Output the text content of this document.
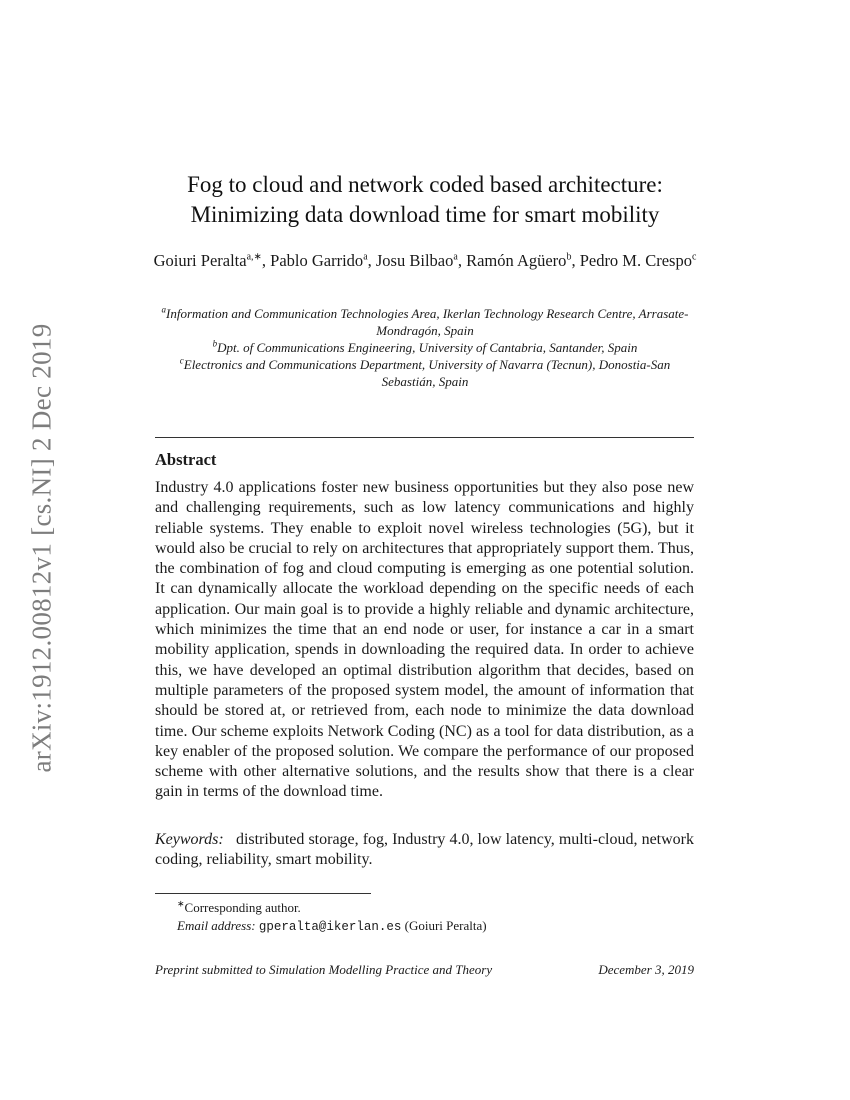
arXiv:1912.00812v1 [cs.NI] 2 Dec 2019
Fog to cloud and network coded based architecture:
Minimizing data download time for smart mobility
Goiuri Peralta$^{a,∗}$, Pablo Garrido$^a$, Josu Bilbao$^a$, Ramón Agüero$^b$, Pedro M. Crespo$^c$
$^a$Information and Communication Technologies Area, Ikerlan Technology Research Centre, Arrasate-Mondragón, Spain
$^b$Dpt. of Communications Engineering, University of Cantabria, Santander, Spain
$^c$Electronics and Communications Department, University of Navarra (Tecnun), Donostia-San Sebastián, Spain
Abstract
Industry 4.0 applications foster new business opportunities but they also pose new and challenging requirements, such as low latency communications and highly reliable systems. They enable to exploit novel wireless technologies (5G), but it would also be crucial to rely on architectures that appropriately support them. Thus, the combination of fog and cloud computing is emerging as one potential solution. It can dynamically allocate the workload depending on the specific needs of each application. Our main goal is to provide a highly reliable and dynamic architecture, which minimizes the time that an end node or user, for instance a car in a smart mobility application, spends in downloading the required data. In order to achieve this, we have developed an optimal distribution algorithm that decides, based on multiple parameters of the proposed system model, the amount of information that should be stored at, or retrieved from, each node to minimize the data download time. Our scheme exploits Network Coding (NC) as a tool for data distribution, as a key enabler of the proposed solution. We compare the performance of our proposed scheme with other alternative solutions, and the results show that there is a clear gain in terms of the download time.
Keywords: distributed storage, fog, Industry 4.0, low latency, multi-cloud, network coding, reliability, smart mobility.
∗Corresponding author.
Email address: gperalta@ikerlan.es (Goiuri Peralta)
Preprint submitted to Simulation Modelling Practice and Theory	December 3, 2019
